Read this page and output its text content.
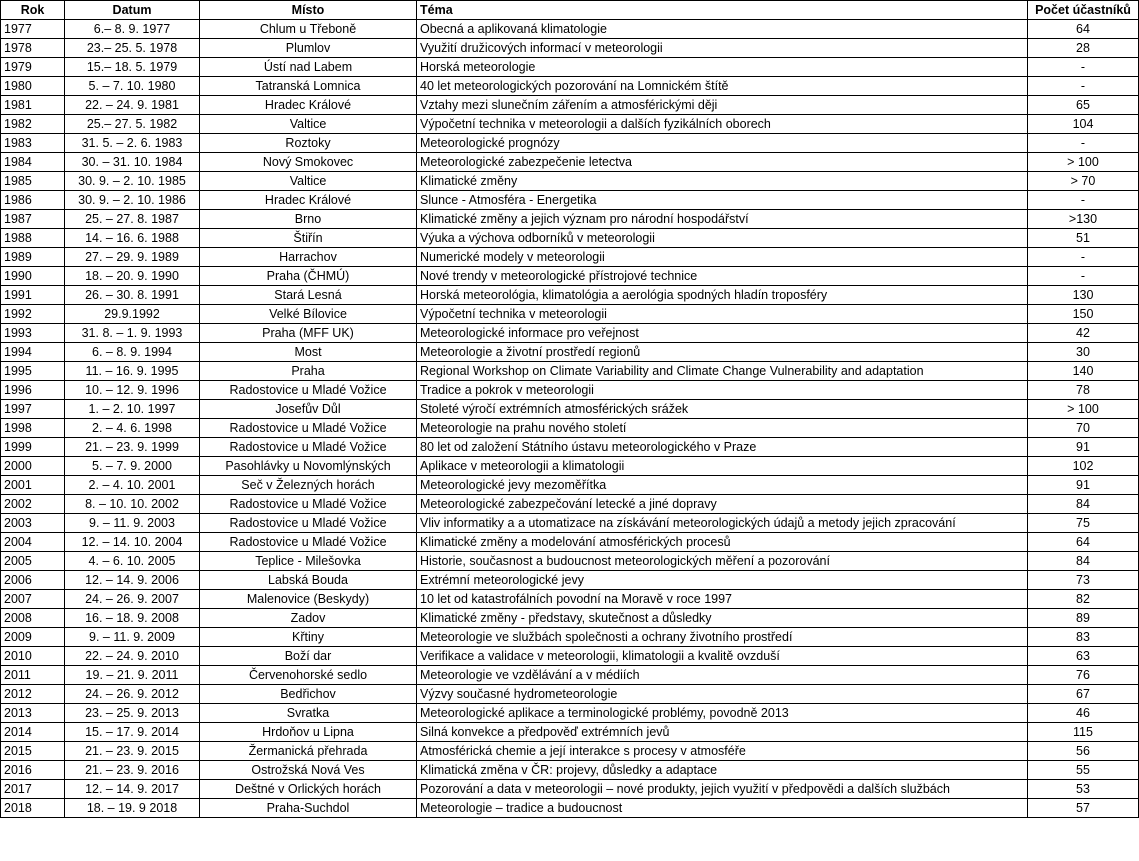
Rok	Datum	Místo	Téma	Počet účastníků
1977	6.– 8. 9. 1977	Chlum u Třeboně	Obecná a aplikovaná klimatologie	64
1978	23.– 25. 5. 1978	Plumlov	Využití družicových informací v meteorologii	28
1979	15.– 18. 5. 1979	Ústí nad Labem	Horská meteorologie	-
1980	5. – 7. 10. 1980	Tatranská Lomnica	40 let meteorologických pozorování na Lomnickém štítě	-
1981	22. – 24. 9. 1981	Hradec Králové	Vztahy mezi slunečním zářením a atmosférickými ději	65
1982	25.– 27. 5. 1982	Valtice	Výpočetní technika v meteorologii a dalších fyzikálních oborech	104
1983	31. 5. – 2. 6. 1983	Roztoky	Meteorologické prognózy	-
1984	30. – 31. 10. 1984	Nový Smokovec	Meteorologické zabezpečenie letectva	> 100
1985	30. 9. – 2. 10. 1985	Valtice	Klimatické změny	> 70
1986	30. 9. – 2. 10. 1986	Hradec Králové	Slunce - Atmosféra - Energetika	-
1987	25. – 27. 8. 1987	Brno	Klimatické změny a jejich význam pro národní hospodářství	>130
1988	14. – 16. 6. 1988	Štiřín	Výuka a výchova odborníků v meteorologii	51
1989	27. – 29. 9. 1989	Harrachov	Numerické modely v meteorologii	-
1990	18. – 20. 9. 1990	Praha (ČHMÚ)	Nové trendy v meteorologické přístrojové technice	-
1991	26. – 30. 8. 1991	Stará Lesná	Horská meteorológia, klimatológia a aerológia spodných hladín troposféry	130
1992	29.9.1992	Velké Bílovice	Výpočetní technika v meteorologii	150
1993	31. 8. – 1. 9. 1993	Praha (MFF UK)	Meteorologické informace pro veřejnost	42
1994	6. – 8. 9. 1994	Most	Meteorologie a životní prostředí regionů	30
1995	11. – 16. 9. 1995	Praha	Regional Workshop on Climate Variability and Climate Change Vulnerability and adaptation	140
1996	10. – 12. 9. 1996	Radostovice u Mladé Vožice	Tradice a pokrok v meteorologii	78
1997	1. – 2. 10. 1997	Josefův Důl	Stoleté výročí extrémních atmosférických srážek	> 100
1998	2. – 4. 6. 1998	Radostovice u Mladé Vožice	Meteorologie na prahu nového století	70
1999	21. – 23. 9. 1999	Radostovice u Mladé Vožice	80 let od založení Státního ústavu meteorologického v Praze	91
2000	5. – 7. 9. 2000	Pasohlávky u Novomlýnských	Aplikace v meteorologii a klimatologii	102
2001	2. – 4. 10. 2001	Seč v Železných horách	Meteorologické jevy mezoměřítka	91
2002	8. – 10. 10. 2002	Radostovice u Mladé Vožice	Meteorologické zabezpečování letecké a jiné dopravy	84
2003	9. – 11. 9. 2003	Radostovice u Mladé Vožice	Vliv informatiky a a utomatizace na získávání meteorologických údajů a metody jejich zpracování	75
2004	12. – 14. 10. 2004	Radostovice u Mladé Vožice	Klimatické změny a modelování atmosférických procesů	64
2005	4. – 6. 10. 2005	Teplice - Milešovka	Historie, současnost a budoucnost meteorologických měření a pozorování	84
2006	12. – 14. 9. 2006	Labská Bouda	Extrémní meteorologické jevy	73
2007	24. – 26. 9. 2007	Malenovice (Beskydy)	10 let od katastrofálních povodní na Moravě v roce 1997	82
2008	16. – 18. 9. 2008	Zadov	Klimatické změny - představy, skutečnost a důsledky	89
2009	9. – 11. 9. 2009	Křtiny	Meteorologie ve službách společnosti a ochrany životního prostředí	83
2010	22. – 24. 9. 2010	Boží dar	Verifikace a validace v meteorologii, klimatologii a kvalitě ovzduší	63
2011	19. – 21. 9. 2011	Červenohorské sedlo	Meteorologie ve vzdělávání a v médiích	76
2012	24. – 26. 9. 2012	Bedřichov	Výzvy současné hydrometeorologie	67
2013	23. – 25. 9. 2013	Svratka	Meteorologické aplikace a terminologické problémy, povodně 2013	46
2014	15. – 17. 9. 2014	Hrdoňov u Lipna	Silná konvekce a předpověď extrémních jevů	115
2015	21. – 23. 9. 2015	Žermanická přehrada	Atmosférická chemie a její interakce s procesy v atmosféře	56
2016	21. – 23. 9. 2016	Ostrožská Nová Ves	Klimatická změna v ČR: projevy, důsledky a adaptace	55
2017	12. – 14. 9. 2017	Deštné v Orlických horách	Pozorování a data v meteorologii – nové produkty, jejich využití v předpovědi a dalších službách	53
2018	18. – 19. 9 2018	Praha-Suchdol	Meteorologie – tradice a budoucnost	57
